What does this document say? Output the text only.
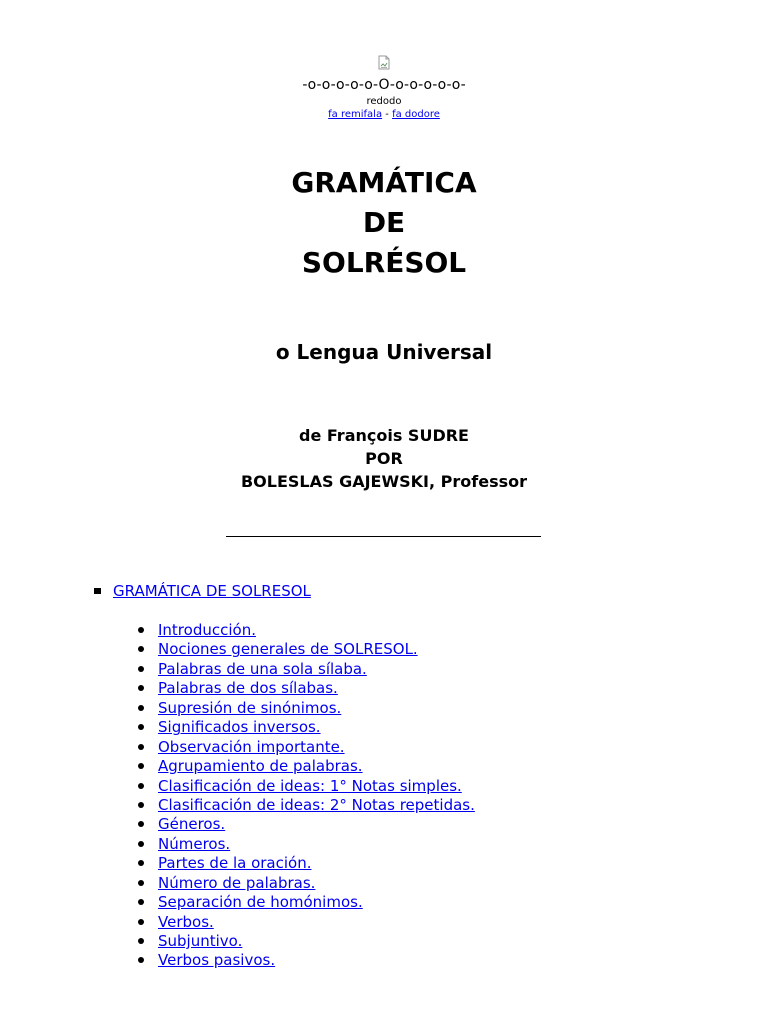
-o-o-o-o-o-O-o-o-o-o-o-
redodo
fa remifala - fa dodore
GRAMÁTICA
DE
SOLRÉSOL
o Lengua Universal
de François SUDRE
POR
BOLESLAS GAJEWSKI, Professor
GRAMÁTICA DE SOLRESOL
Introducción.
Nociones generales de SOLRESOL.
Palabras de una sola sílaba.
Palabras de dos sílabas.
Supresión de sinónimos.
Significados inversos.
Observación importante.
Agrupamiento de palabras.
Clasificación de ideas: 1° Notas simples.
Clasificación de ideas: 2° Notas repetidas.
Géneros.
Números.
Partes de la oración.
Número de palabras.
Separación de homónimos.
Verbos.
Subjuntivo.
Verbos pasivos.
